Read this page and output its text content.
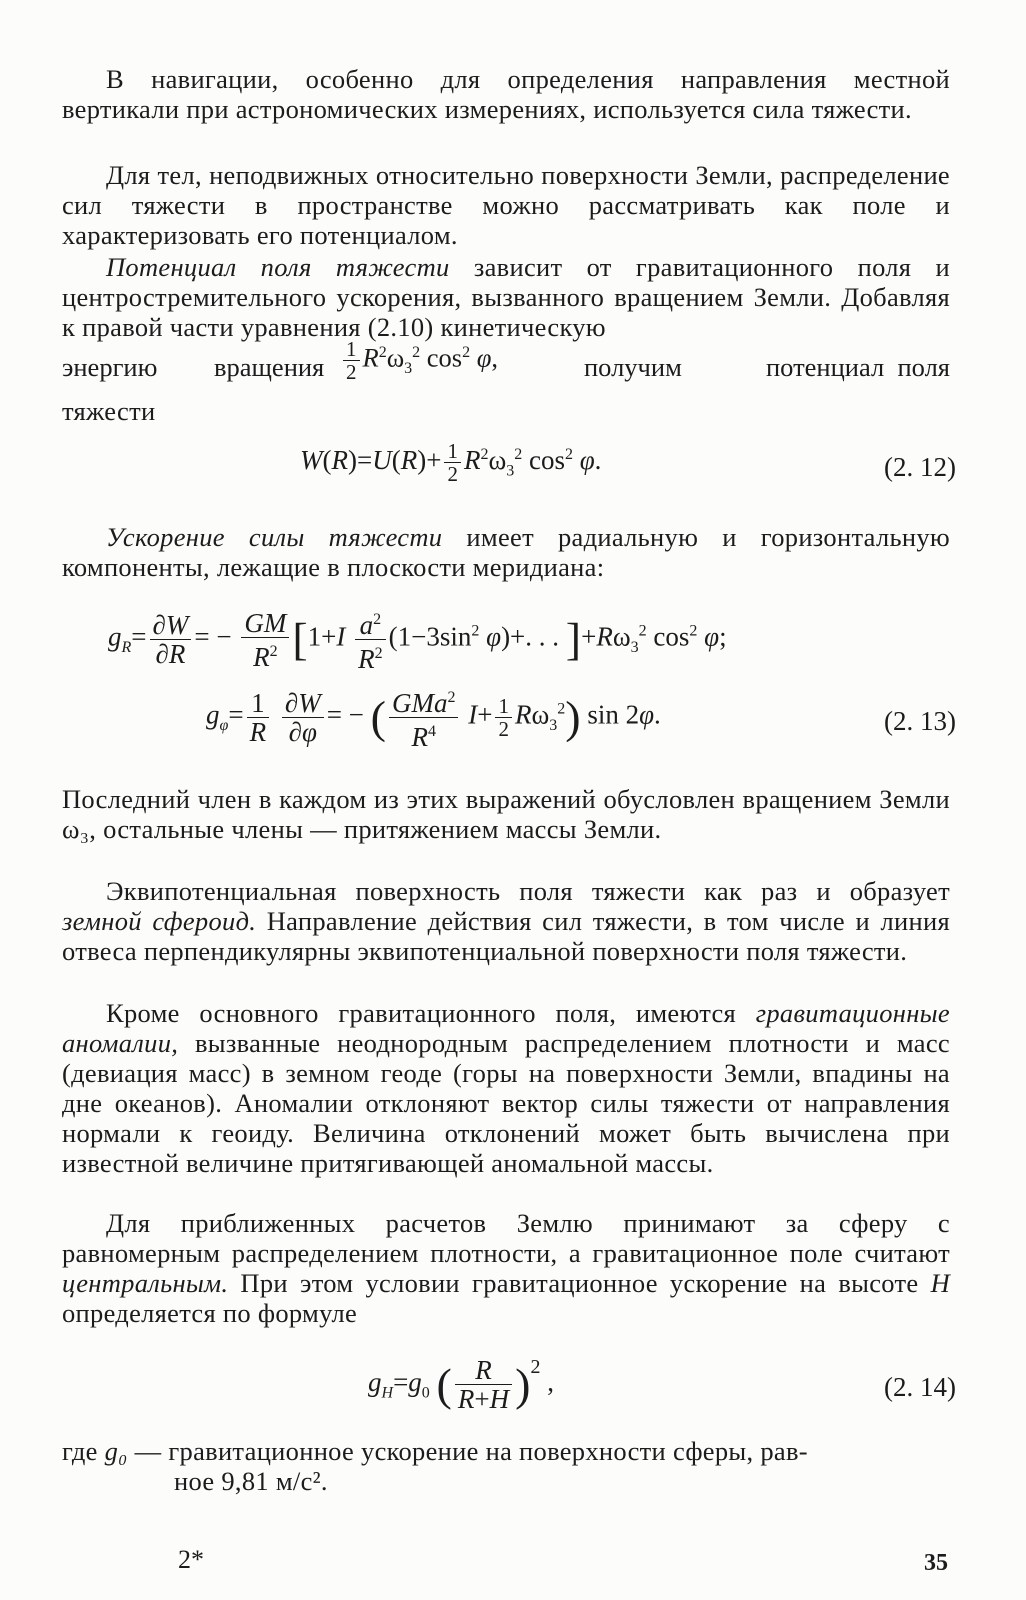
В навигации, особенно для определения направления местной вертикали при астрономических измерениях, используется сила тяжести.

Для тел, неподвижных относительно поверхности Земли, распределение сил тяжести в пространстве можно рассматривать как поле и характеризовать его потенциалом.

Потенциал поля тяжести зависит от гравитационного поля и центростремительного ускорения, вызванного вращением Земли. Добавляя к правой части уравнения (2.10) кинетическую

энергию вращения $\frac{1}{2} R^2\omega_3^2$ $\cos^2 \varphi$,	получим	потенциал поля

тяжести

$W(R)=U(R)+ \frac{1}{2} R^2\omega_3^2$ $\cos^2 \varphi$.	(2. 12)

Ускорение силы тяжести имеет радиальную и горизонтальную компоненты, лежащие в плоскости меридиана:

$g_R= \frac{\partial W}{\partial R}$ = − $\frac{GM}{R^2} [1+I \frac{a^2}{R^2} (1-3\sin^2$ φ)+. . . ]$+R\omega_3^2$ $\cos^2 \varphi$;
$g_\varphi= \frac{1}{R}$
$\frac{\partial W}{\partial\varphi}$ = − ( $\frac{GMa^2}{R^4} I+ \frac{1}{2} R\omega_3^2$) sin 2φ.	(2. 13)

Последний член в каждом из этих выражений обусловлен вращением Земли ω₃, остальные члены — притяжением массы Земли.

Эквипотенциальная поверхность поля тяжести как раз и образует земной сфероид. Направление действия сил тяжести, в том числе и линия отвеса перпендикулярны эквипотенциальной поверхности поля тяжести.

Кроме основного гравитационного поля, имеются гравитационные аномалии, вызванные неоднородным распределением плотности и масс (девиация масс) в земном геоде (горы на поверхности Земли, впадины на дне океанов). Аномалии отклоняют вектор силы тяжести от направления нормали к геоиду. Величина отклонений может быть вычислена при известной величине притягивающей аномальной массы.

Для приближенных расчетов Землю принимают за сферу с равномерным распределением плотности, а гравитационное поле считают центральным. При этом условии гравитационное ускорение на высоте H определяется по формуле

$g_H=g_0$ ( $\frac{R}{R+H} )^2$ ,	(2. 14)

где g₀ — гравитационное ускорение на поверхности сферы, рав-
ное 9,81 м/с².

2*	35
